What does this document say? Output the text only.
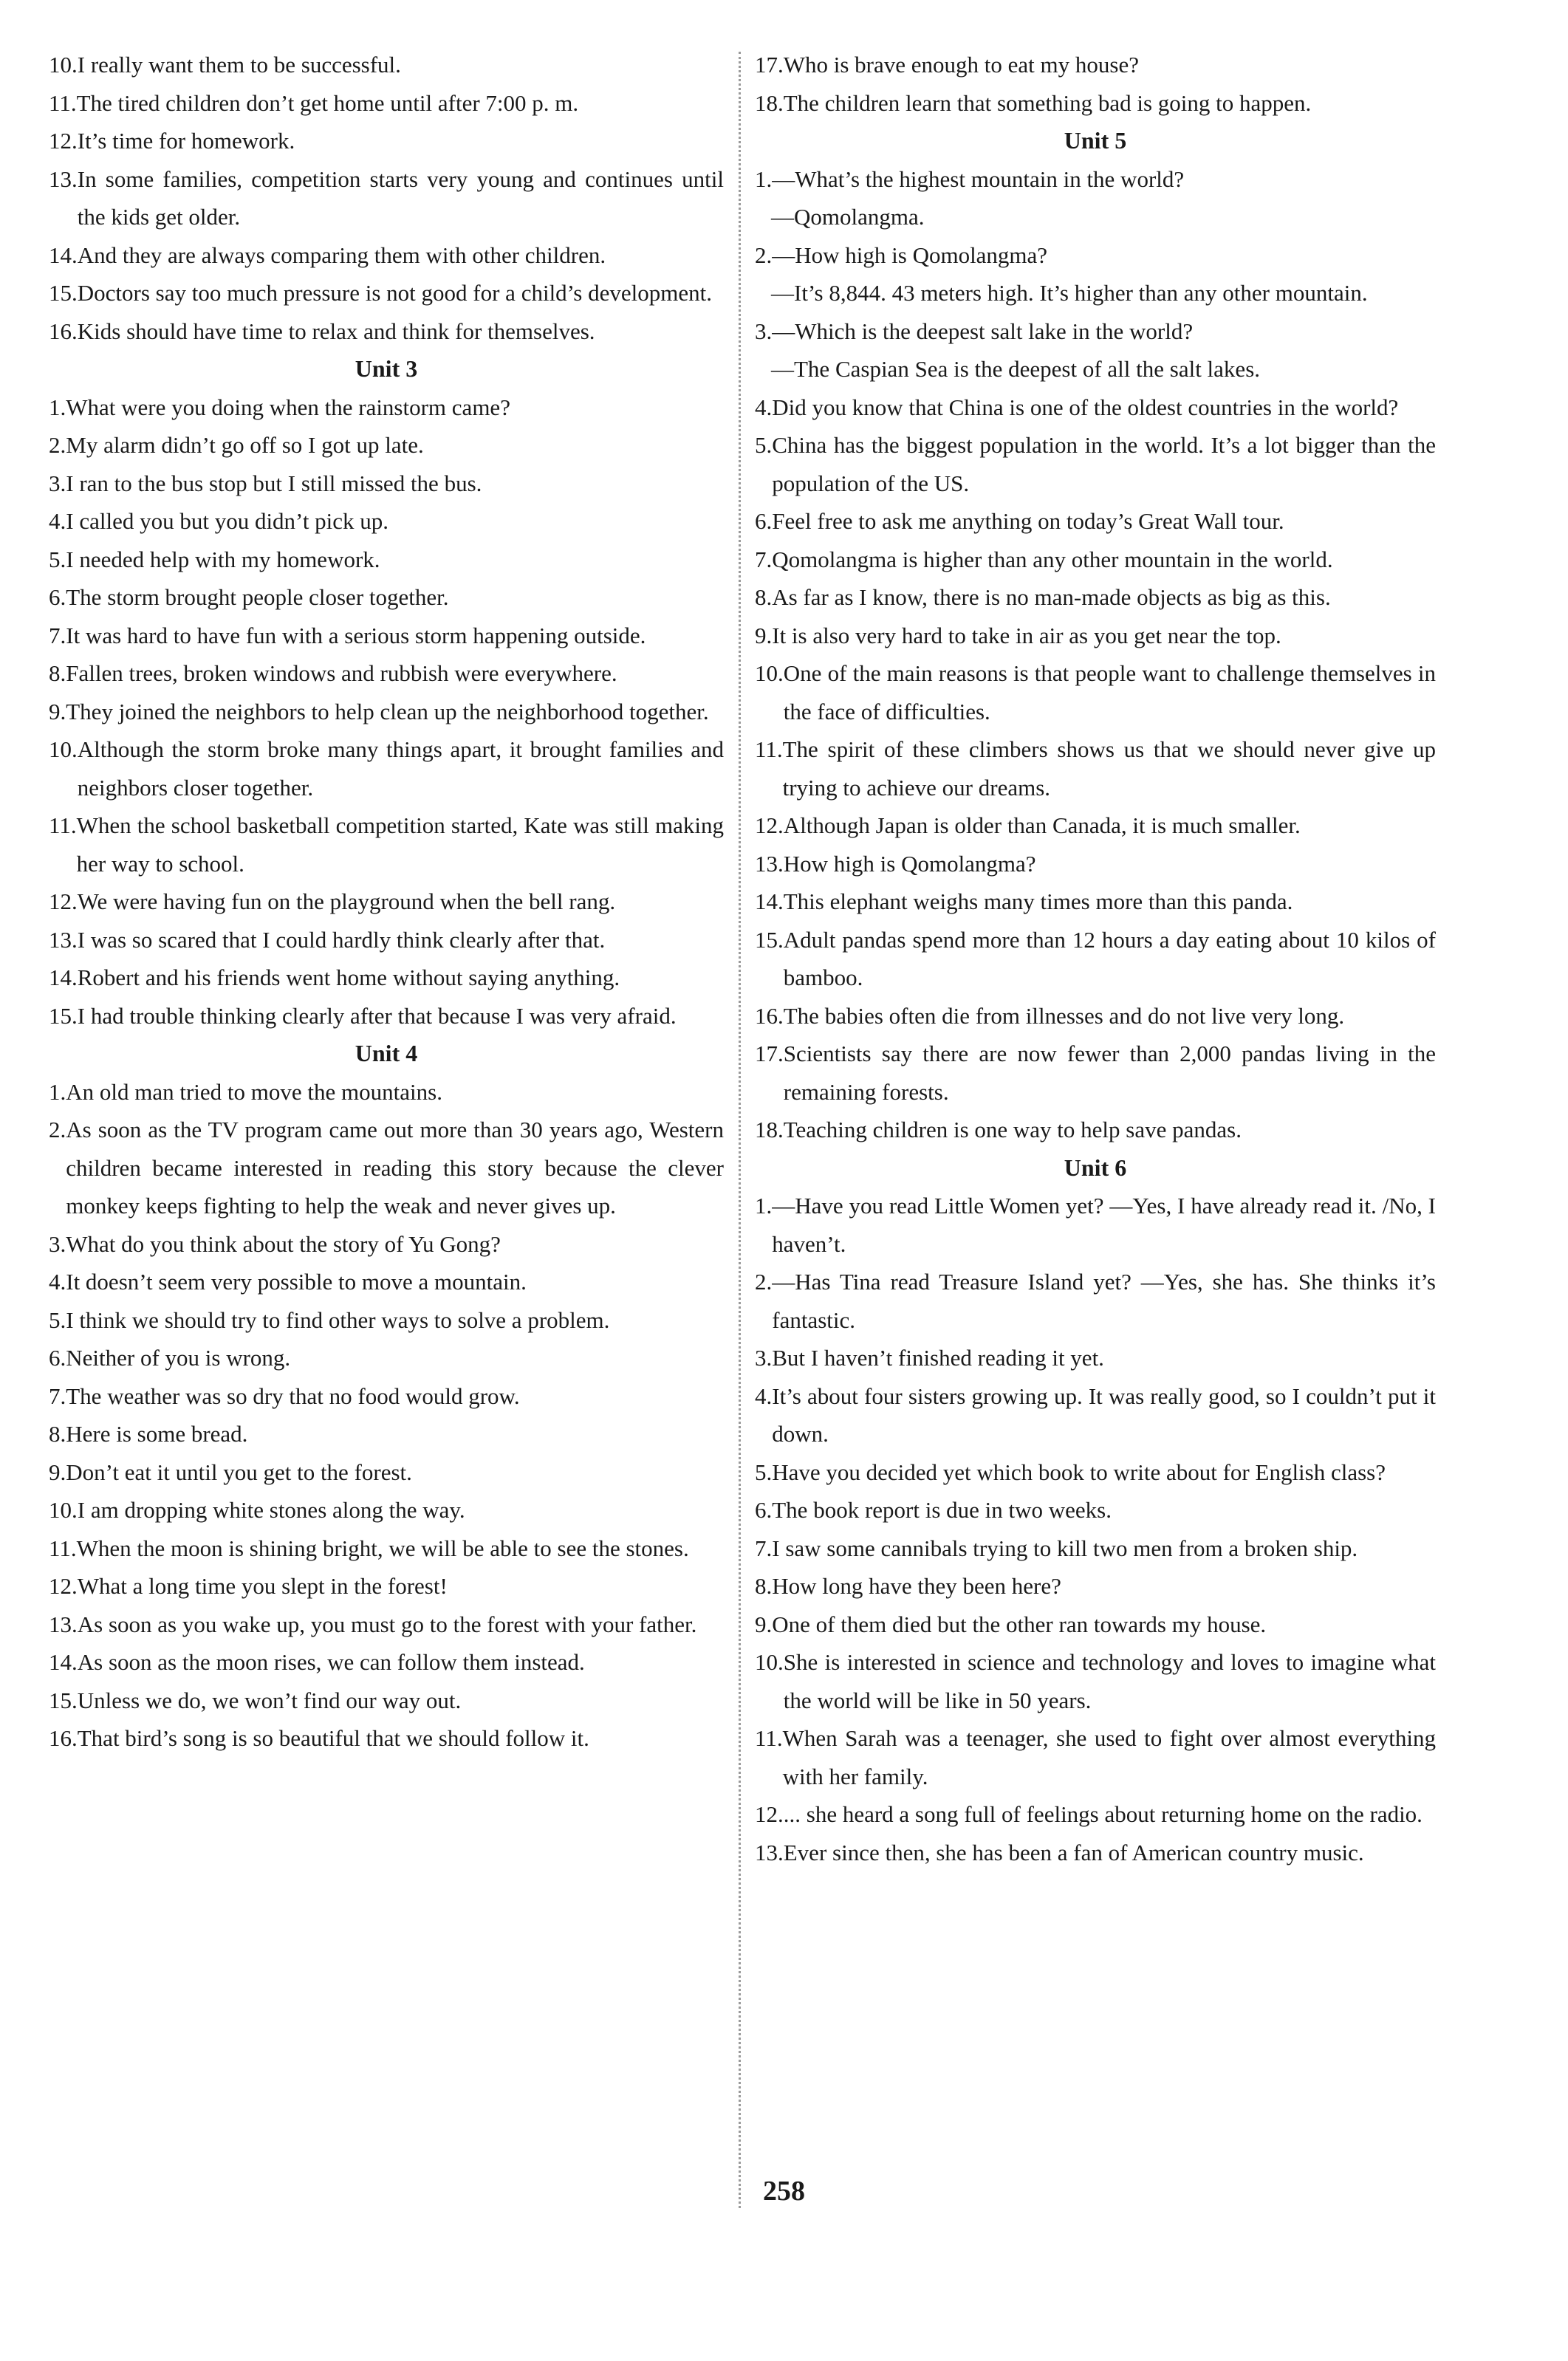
10. I really want them to be successful.
11. The tired children don’t get home until after 7:00 p. m.
12. It’s time for homework.
13. In some families, competition starts very young and continues until the kids get older.
14. And they are always comparing them with other children.
15. Doctors say too much pressure is not good for a child’s development.
16. Kids should have time to relax and think for themselves.
Unit 3
1. What were you doing when the rainstorm came?
2. My alarm didn’t go off so I got up late.
3. I ran to the bus stop but I still missed the bus.
4. I called you but you didn’t pick up.
5. I needed help with my homework.
6. The storm brought people closer together.
7. It was hard to have fun with a serious storm happening outside.
8. Fallen trees, broken windows and rubbish were everywhere.
9. They joined the neighbors to help clean up the neighborhood together.
10. Although the storm broke many things apart, it brought families and neighbors closer together.
11. When the school basketball competition started, Kate was still making her way to school.
12. We were having fun on the playground when the bell rang.
13. I was so scared that I could hardly think clearly after that.
14. Robert and his friends went home without saying anything.
15. I had trouble thinking clearly after that because I was very afraid.
Unit 4
1. An old man tried to move the mountains.
2. As soon as the TV program came out more than 30 years ago, Western children became interested in reading this story because the clever monkey keeps fighting to help the weak and never gives up.
3. What do you think about the story of Yu Gong?
4. It doesn’t seem very possible to move a mountain.
5. I think we should try to find other ways to solve a problem.
6. Neither of you is wrong.
7. The weather was so dry that no food would grow.
8. Here is some bread.
9. Don’t eat it until you get to the forest.
10. I am dropping white stones along the way.
11. When the moon is shining bright, we will be able to see the stones.
12. What a long time you slept in the forest!
13. As soon as you wake up, you must go to the forest with your father.
14. As soon as the moon rises, we can follow them instead.
15. Unless we do, we won’t find our way out.
16. That bird’s song is so beautiful that we should follow it.
17. Who is brave enough to eat my house?
18. The children learn that something bad is going to happen.
Unit 5
1. —What’s the highest mountain in the world?
—Qomolangma.
2. —How high is Qomolangma?
—It’s 8,844. 43 meters high. It’s higher than any other mountain.
3. —Which is the deepest salt lake in the world?
—The Caspian Sea is the deepest of all the salt lakes.
4. Did you know that China is one of the oldest countries in the world?
5. China has the biggest population in the world. It’s a lot bigger than the population of the US.
6. Feel free to ask me anything on today’s Great Wall tour.
7. Qomolangma is higher than any other mountain in the world.
8. As far as I know, there is no man-made objects as big as this.
9. It is also very hard to take in air as you get near the top.
10. One of the main reasons is that people want to challenge themselves in the face of difficulties.
11. The spirit of these climbers shows us that we should never give up trying to achieve our dreams.
12. Although Japan is older than Canada, it is much smaller.
13. How high is Qomolangma?
14. This elephant weighs many times more than this panda.
15. Adult pandas spend more than 12 hours a day eating about 10 kilos of bamboo.
16. The babies often die from illnesses and do not live very long.
17. Scientists say there are now fewer than 2,000 pandas living in the remaining forests.
18. Teaching children is one way to help save pandas.
Unit 6
1. —Have you read Little Women yet? —Yes, I have already read it. /No, I haven’t.
2. —Has Tina read Treasure Island yet? —Yes, she has. She thinks it’s fantastic.
3. But I haven’t finished reading it yet.
4. It’s about four sisters growing up. It was really good, so I couldn’t put it down.
5. Have you decided yet which book to write about for English class?
6. The book report is due in two weeks.
7. I saw some cannibals trying to kill two men from a broken ship.
8. How long have they been here?
9. One of them died but the other ran towards my house.
10. She is interested in science and technology and loves to imagine what the world will be like in 50 years.
11. When Sarah was a teenager, she used to fight over almost everything with her family.
12. ... she heard a song full of feelings about returning home on the radio.
13. Ever since then, she has been a fan of American country music.
258
